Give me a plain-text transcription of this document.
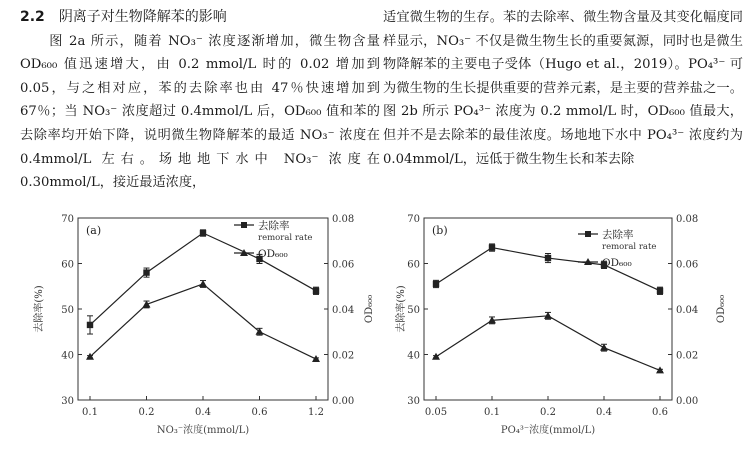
2.2 阴离子对生物降解苯的影响

图 2a 所示，随着 NO₃⁻ 浓度逐渐增加，微生物含量 OD₆₀₀ 值迅速增大，由 0.2 mmol/L 时的 0.02 增加到 0.05，与之相对应，苯的去除率也由 47％快速增加到 67％；当 NO₃⁻ 浓度超过 0.4mmol/L 后，OD₆₀₀ 值和苯的去除率均开始下降，说明微生物降解苯的最适 NO₃⁻ 浓度在 0.4mmol/L 左右。场地地下水中 NO₃⁻ 浓度在 0.30mmol/L，接近最适浓度，

适宜微生物的生存。苯的去除率、微生物含量及其变化幅度同样显示，NO₃⁻ 不仅是微生物生长的重要氮源，同时也是微生物降解苯的主要电子受体（Hugo et al.，2019）。PO₄³⁻ 可为微生物的生长提供重要的营养元素，是主要的营养盐之一。图 2b 所示 PO₄³⁻ 浓度为 0.2 mmol/L 时，OD₆₀₀ 值最大，但并不是去除苯的最佳浓度。场地地下水中 PO₄³⁻ 浓度约为 0.04mmol/L，远低于微生物生长和苯去除

30
40
50
60
70
0.00
0.02
0.04
0.06
0.08
0.1	0.2	0.4	0.6	1.2
NO₃⁻浓度(mmol/L)
去除率(%)	OD₆₀₀
(a)	去除率
remoral rate
OD₆₀₀
30
40
50
60
70
0.00
0.02
0.04
0.06
0.08
0.05	0.1	0.2	0.4	0.6
PO₄³⁻浓度(mmol/L)
去除率(%)	OD₆₀₀
(b)	去除率
remoral rate
OD₆₀₀
